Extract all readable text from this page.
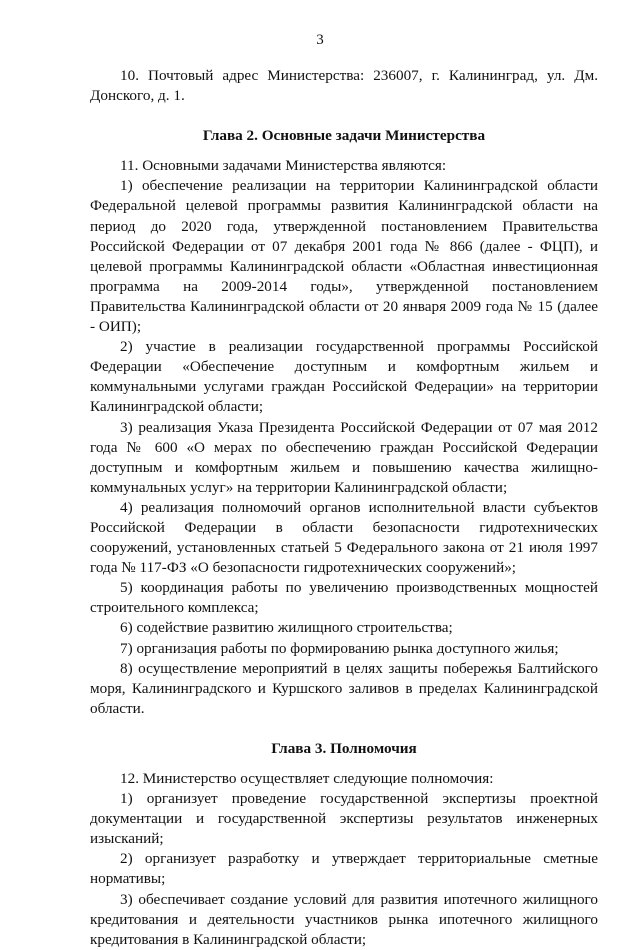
3

10. Почтовый адрес Министерства: 236007, г. Калининград, ул. Дм. Донского, д. 1.

Глава 2. Основные задачи Министерства

11. Основными задачами Министерства являются:

1) обеспечение реализации на территории Калининградской области Федеральной целевой программы развития Калининградской области на период до 2020 года, утвержденной постановлением Правительства Российской Федерации от 07 декабря 2001 года № 866 (далее - ФЦП), и целевой программы Калининградской области «Областная инвестиционная программа на 2009-2014 годы», утвержденной постановлением Правительства Калининградской области от 20 января 2009 года № 15 (далее - ОИП);

2) участие в реализации государственной программы Российской Федерации «Обеспечение доступным и комфортным жильем и коммунальными услугами граждан Российской Федерации» на территории Калининградской области;

3) реализация Указа Президента Российской Федерации от 07 мая 2012 года № 600 «О мерах по обеспечению граждан Российской Федерации доступным и комфортным жильем и повышению качества жилищно-коммунальных услуг» на территории Калининградской области;

4) реализация полномочий органов исполнительной власти субъектов Российской Федерации в области безопасности гидротехнических сооружений, установленных статьей 5 Федерального закона от 21 июля 1997 года № 117-ФЗ «О безопасности гидротехнических сооружений»;

5) координация работы по увеличению производственных мощностей строительного комплекса;

6) содействие развитию жилищного строительства;

7) организация работы по формированию рынка доступного жилья;

8) осуществление мероприятий в целях защиты побережья Балтийского моря, Калининградского и Куршского заливов в пределах Калининградской области.

Глава 3. Полномочия

12. Министерство осуществляет следующие полномочия:

1) организует проведение государственной экспертизы проектной документации и государственной экспертизы результатов инженерных изысканий;

2) организует разработку и утверждает территориальные сметные нормативы;

3) обеспечивает создание условий для развития ипотечного жилищного кредитования и деятельности участников рынка ипотечного жилищного кредитования в Калининградской области;
